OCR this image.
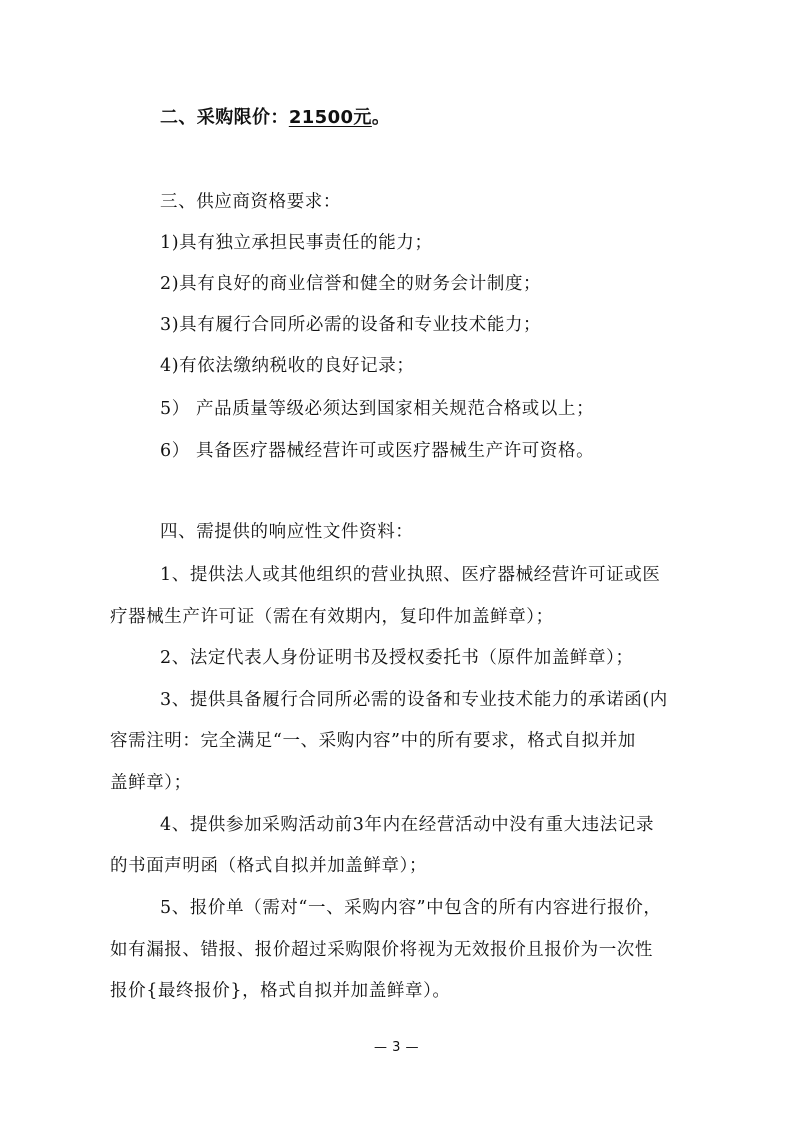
二、采购限价：21500元。
三、供应商资格要求：
1)具有独立承担民事责任的能力；
2)具有良好的商业信誉和健全的财务会计制度；
3)具有履行合同所必需的设备和专业技术能力；
4)有依法缴纳税收的良好记录；
5） 产品质量等级必须达到国家相关规范合格或以上；
6） 具备医疗器械经营许可或医疗器械生产许可资格。
四、需提供的响应性文件资料：
1、提供法人或其他组织的营业执照、医疗器械经营许可证或医
疗器械生产许可证（需在有效期内，复印件加盖鲜章）；
2、法定代表人身份证明书及授权委托书（原件加盖鲜章）；
3、提供具备履行合同所必需的设备和专业技术能力的承诺函(内
容需注明：完全满足“一、采购内容”中的所有要求，格式自拟并加
盖鲜章）；
4、提供参加采购活动前3年内在经营活动中没有重大违法记录
的书面声明函（格式自拟并加盖鲜章）；
5、报价单（需对“一、采购内容”中包含的所有内容进行报价，
如有漏报、错报、报价超过采购限价将视为无效报价且报价为一次性
报价{最终报价}，格式自拟并加盖鲜章）。
— 3 —
